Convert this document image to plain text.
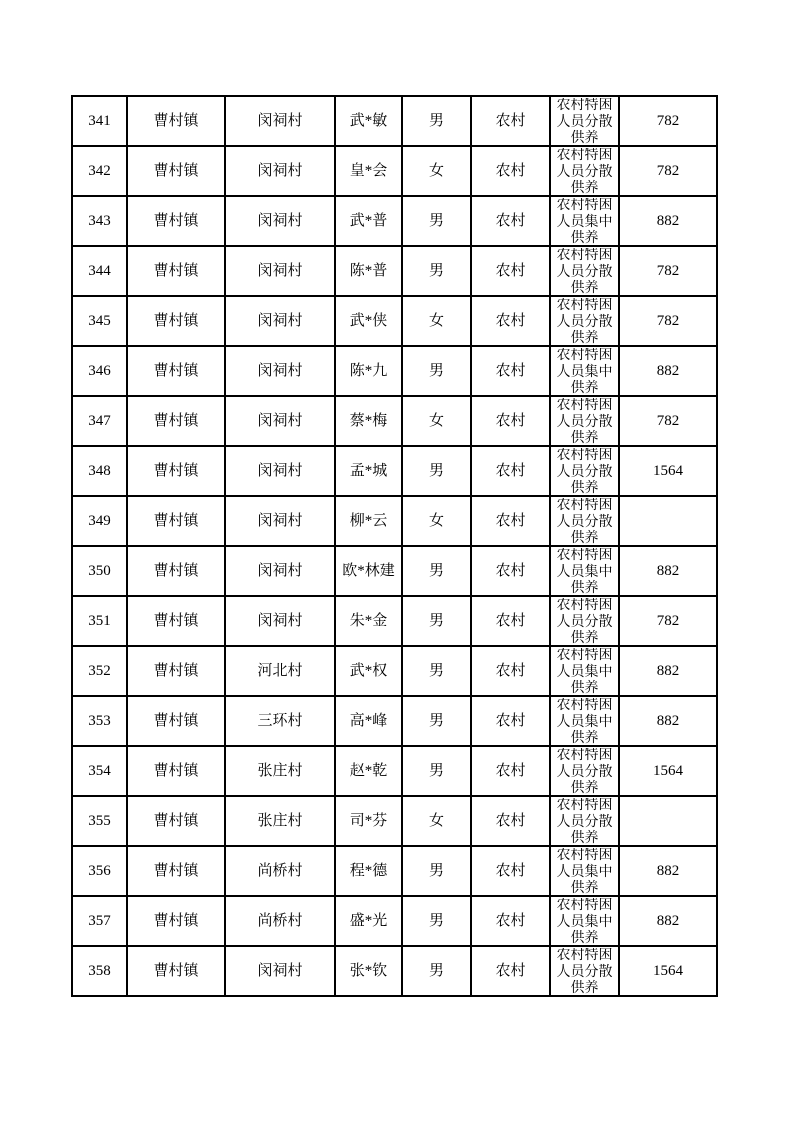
341	曹村镇	闵祠村	武*敏	男	农村	农村特困人员分散供养	782
342	曹村镇	闵祠村	皇*会	女	农村	农村特困人员分散供养	782
343	曹村镇	闵祠村	武*普	男	农村	农村特困人员集中供养	882
344	曹村镇	闵祠村	陈*普	男	农村	农村特困人员分散供养	782
345	曹村镇	闵祠村	武*侠	女	农村	农村特困人员分散供养	782
346	曹村镇	闵祠村	陈*九	男	农村	农村特困人员集中供养	882
347	曹村镇	闵祠村	蔡*梅	女	农村	农村特困人员分散供养	782
348	曹村镇	闵祠村	孟*城	男	农村	农村特困人员分散供养	1564
349	曹村镇	闵祠村	柳*云	女	农村	农村特困人员分散供养	

350	曹村镇	闵祠村	欧*林建	男	农村	农村特困人员集中供养	882
351	曹村镇	闵祠村	朱*金	男	农村	农村特困人员分散供养	782
352	曹村镇	河北村	武*权	男	农村	农村特困人员集中供养	882
353	曹村镇	三环村	高*峰	男	农村	农村特困人员集中供养	882
354	曹村镇	张庄村	赵*乾	男	农村	农村特困人员分散供养	1564
355	曹村镇	张庄村	司*芬	女	农村	农村特困人员分散供养	

356	曹村镇	尚桥村	程*德	男	农村	农村特困人员集中供养	882
357	曹村镇	尚桥村	盛*光	男	农村	农村特困人员集中供养	882
358	曹村镇	闵祠村	张*钦	男	农村	农村特困人员分散供养	1564
